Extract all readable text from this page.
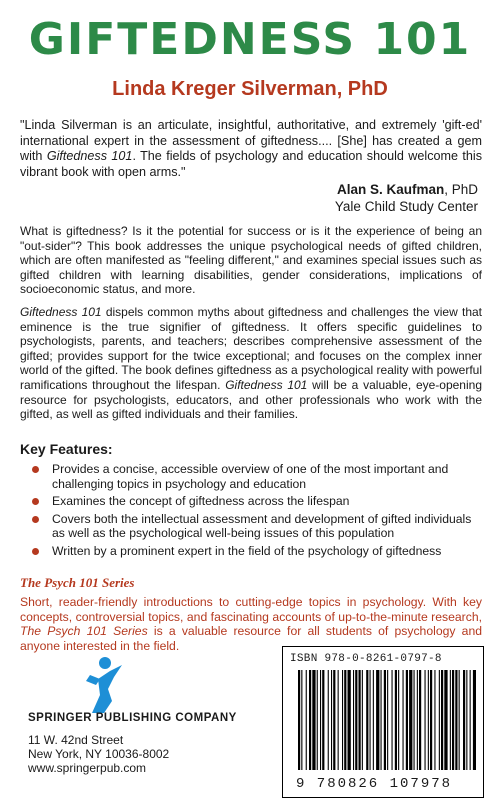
GIFTEDNESS 101
Linda Kreger Silverman, PhD
"Linda Silverman is an articulate, insightful, authoritative, and extremely 'gift-ed' international expert in the assessment of giftedness.... [She] has created a gem with Giftedness 101. The fields of psychology and education should welcome this vibrant book with open arms."
Alan S. Kaufman, PhD
Yale Child Study Center
What is giftedness? Is it the potential for success or is it the experience of being an "out-sider"? This book addresses the unique psychological needs of gifted children, which are often manifested as "feeling different," and examines special issues such as gifted children with learning disabilities, gender considerations, implications of socioeconomic status, and more.
Giftedness 101 dispels common myths about giftedness and challenges the view that eminence is the true signifier of giftedness. It offers specific guidelines to psychologists, parents, and teachers; describes comprehensive assessment of the gifted; provides support for the twice exceptional; and focuses on the complex inner world of the gifted. The book defines giftedness as a psychological reality with powerful ramifications throughout the lifespan. Giftedness 101 will be a valuable, eye-opening resource for psychologists, educators, and other professionals who work with the gifted, as well as gifted individuals and their families.
Key Features:
Provides a concise, accessible overview of one of the most important and challenging topics in psychology and education
Examines the concept of giftedness across the lifespan
Covers both the intellectual assessment and development of gifted individuals as well as the psychological well-being issues of this population
Written by a prominent expert in the field of the psychology of giftedness
The Psych 101 Series
Short, reader-friendly introductions to cutting-edge topics in psychology. With key concepts, controversial topics, and fascinating accounts of up-to-the-minute research, The Psych 101 Series is a valuable resource for all students of psychology and anyone interested in the field.
SPRINGER PUBLISHING COMPANY
11 W. 42nd Street
New York, NY 10036-8002
www.springerpub.com
ISBN 978-0-8261-0797-8
9 780826 107978
